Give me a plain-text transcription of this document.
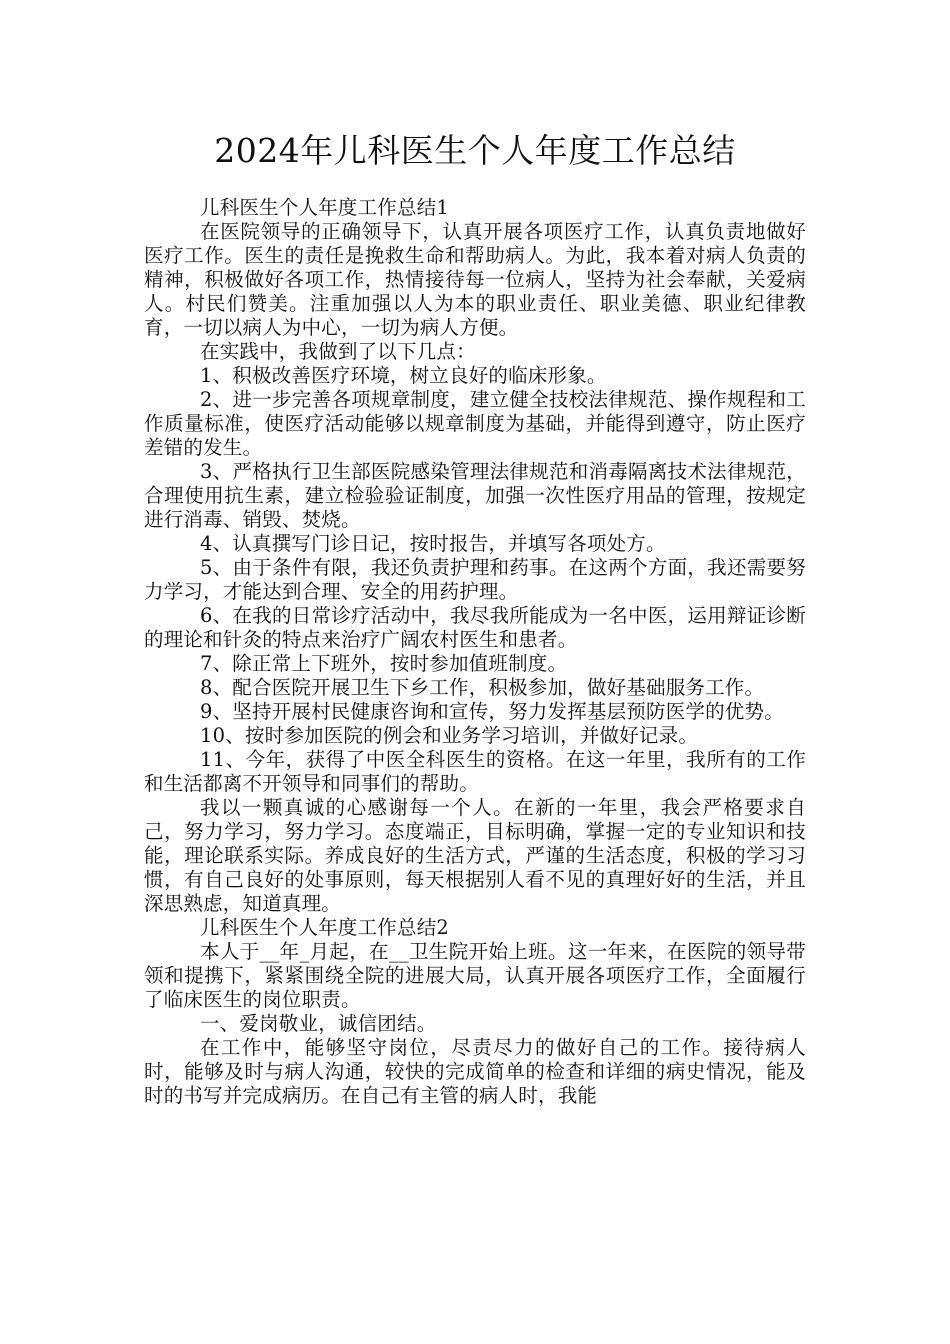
2024年儿科医生个人年度工作总结

儿科医生个人年度工作总结1

在医院领导的正确领导下，认真开展各项医疗工作，认真负责地做好医疗工作。医生的责任是挽救生命和帮助病人。为此，我本着对病人负责的精神，积极做好各项工作，热情接待每一位病人，坚持为社会奉献，关爱病人。村民们赞美。注重加强以人为本的职业责任、职业美德、职业纪律教育，一切以病人为中心，一切为病人方便。

在实践中，我做到了以下几点：

1、积极改善医疗环境，树立良好的临床形象。

2、进一步完善各项规章制度，建立健全技校法律规范、操作规程和工作质量标准，使医疗活动能够以规章制度为基础，并能得到遵守，防止医疗差错的发生。

3、严格执行卫生部医院感染管理法律规范和消毒隔离技术法律规范，合理使用抗生素，建立检验验证制度，加强一次性医疗用品的管理，按规定进行消毒、销毁、焚烧。

4、认真撰写门诊日记，按时报告，并填写各项处方。

5、由于条件有限，我还负责护理和药事。在这两个方面，我还需要努力学习，才能达到合理、安全的用药护理。

6、在我的日常诊疗活动中，我尽我所能成为一名中医，运用辩证诊断的理论和针灸的特点来治疗广阔农村医生和患者。

7、除正常上下班外，按时参加值班制度。

8、配合医院开展卫生下乡工作，积极参加，做好基础服务工作。

9、坚持开展村民健康咨询和宣传，努力发挥基层预防医学的优势。

10、按时参加医院的例会和业务学习培训，并做好记录。

11、今年，获得了中医全科医生的资格。在这一年里，我所有的工作和生活都离不开领导和同事们的帮助。

我以一颗真诚的心感谢每一个人。在新的一年里，我会严格要求自己，努力学习，努力学习。态度端正，目标明确，掌握一定的专业知识和技能，理论联系实际。养成良好的生活方式，严谨的生活态度，积极的学习习惯，有自己良好的处事原则，每天根据别人看不见的真理好好的生活，并且深思熟虑，知道真理。

儿科医生个人年度工作总结2

本人于__年_月起，在__卫生院开始上班。这一年来，在医院的领导带领和提携下，紧紧围绕全院的进展大局，认真开展各项医疗工作，全面履行了临床医生的岗位职责。

一、爱岗敬业，诚信团结。

在工作中，能够坚守岗位，尽责尽力的做好自己的工作。接待病人时，能够及时与病人沟通，较快的完成简单的检查和详细的病史情况，能及时的书写并完成病历。在自己有主管的病人时，我能
